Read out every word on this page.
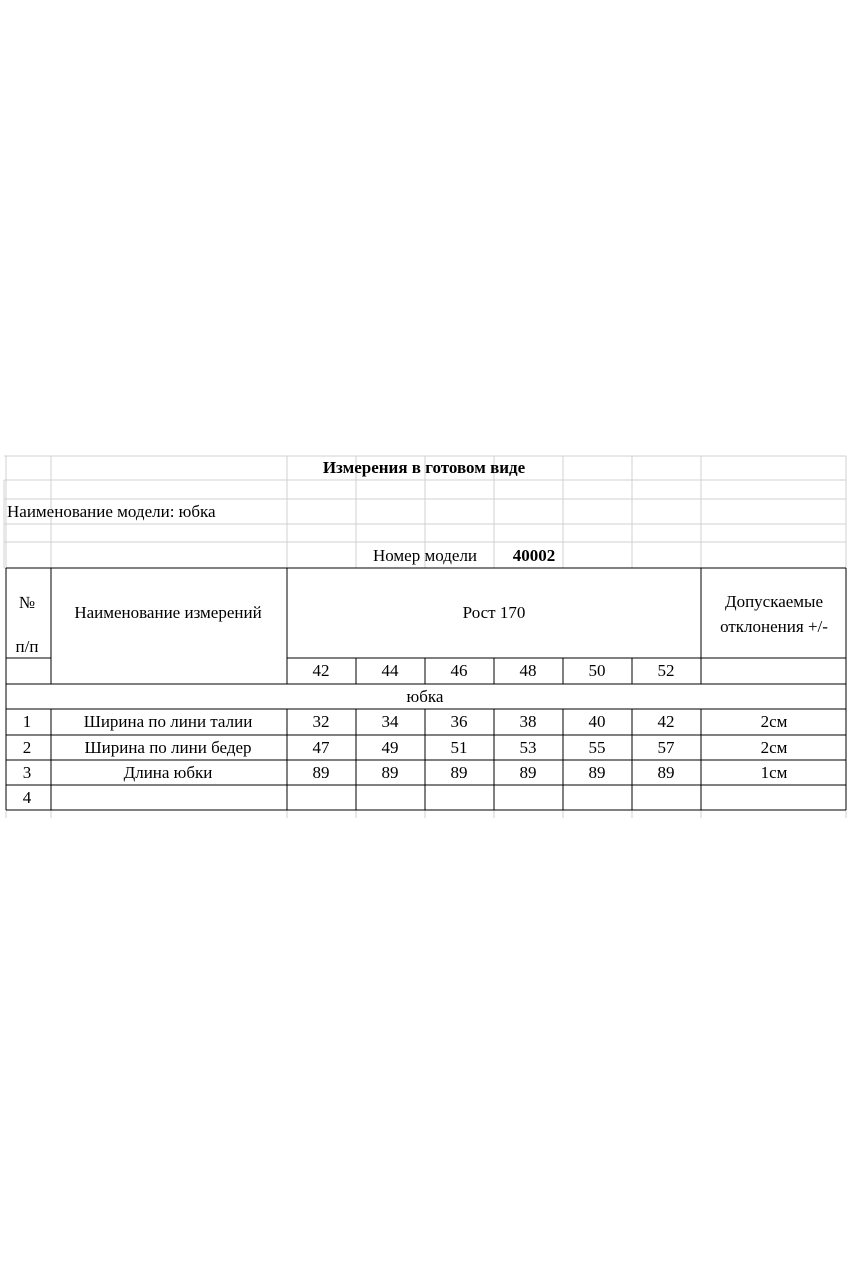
Измерения в готовом виде
Наименование модели: юбка
Номер модели 40002
№
п/п
Наименование измерений	Рост 170
Допускаемые
отклонения +/-
42	44	46	48	50	52
юбка
1	Ширина по лини талии	32	34	36	38	40	42	2см
2	Ширина по лини бедер	47	49	51	53	55	57	2см
3	Длина юбки	89	89	89	89	89	89	1см
4
